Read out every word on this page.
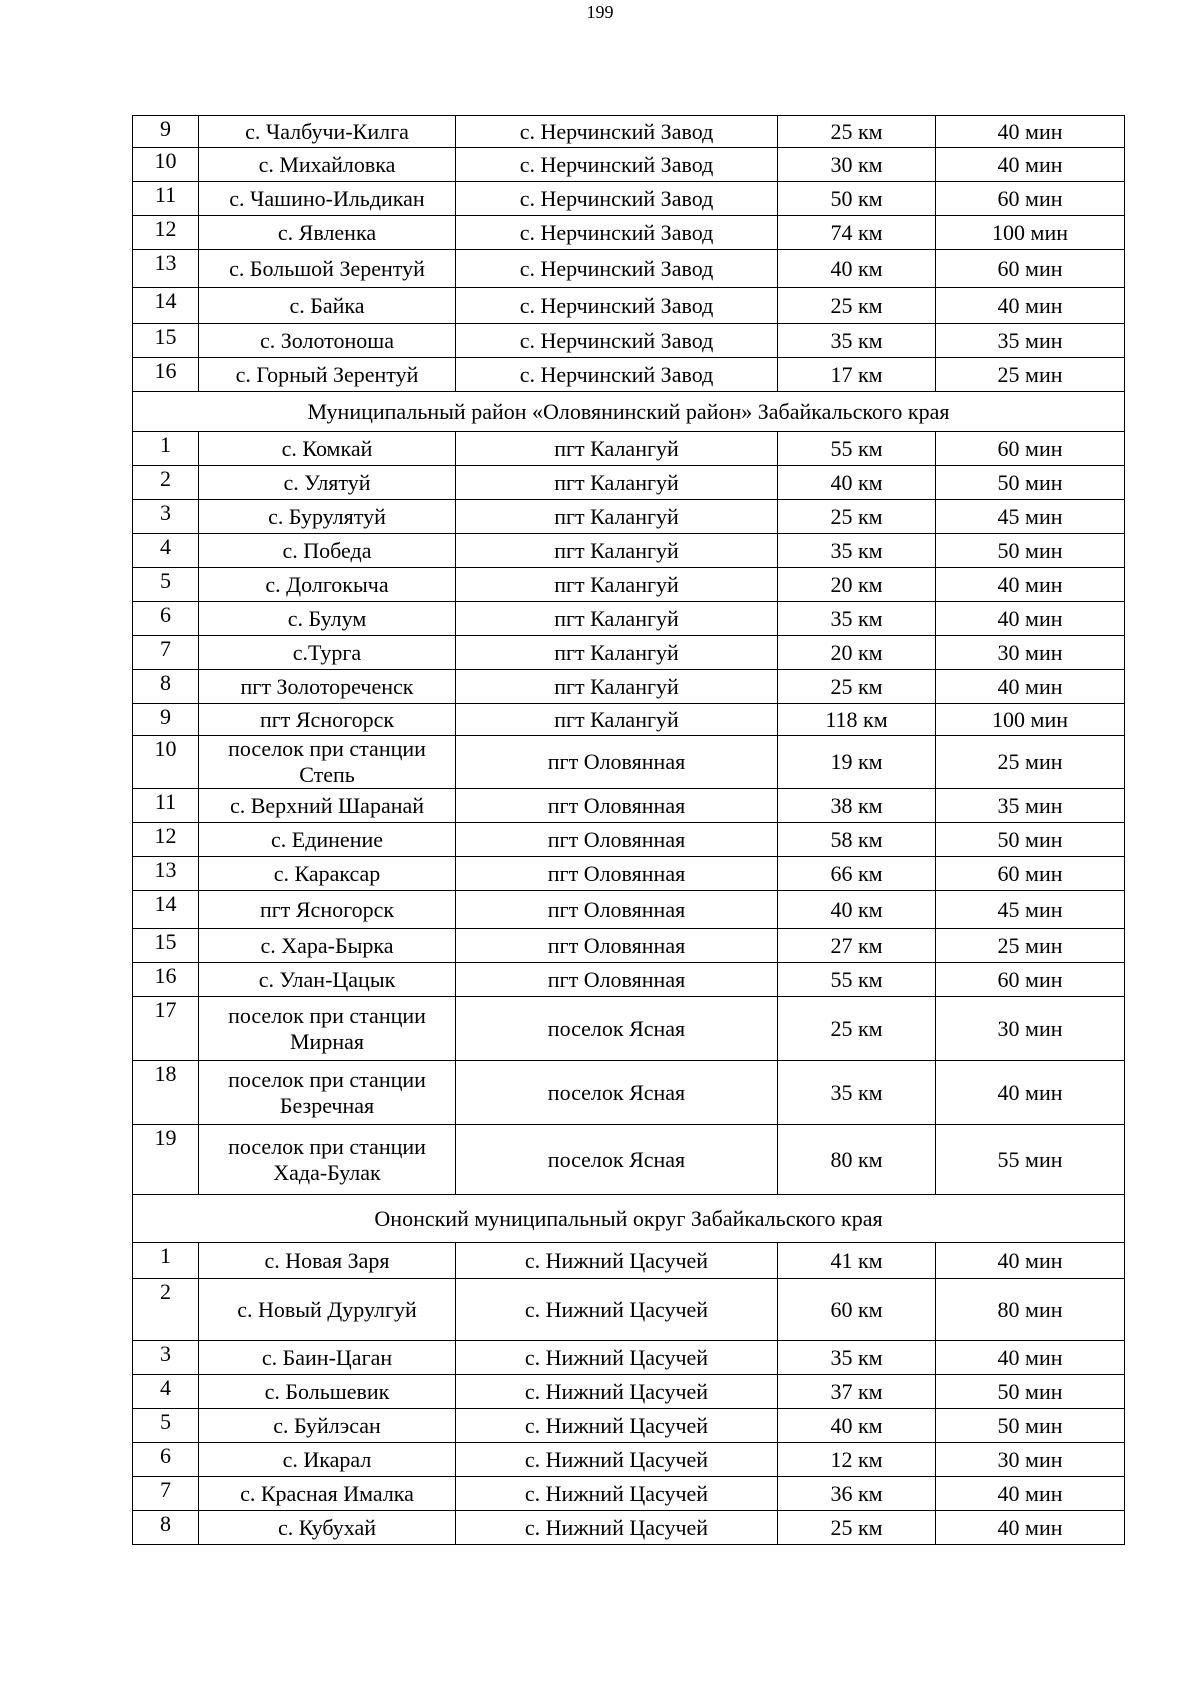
199
9	с. Чалбучи-Килга	с. Нерчинский Завод	25 км	40 мин
10	с. Михайловка	с. Нерчинский Завод	30 км	40 мин
11	с. Чашино-Ильдикан	с. Нерчинский Завод	50 км	60 мин
12	с. Явленка	с. Нерчинский Завод	74 км	100 мин
13	с. Большой Зерентуй	с. Нерчинский Завод	40 км	60 мин
14	с. Байка	с. Нерчинский Завод	25 км	40 мин
15	с. Золотоноша	с. Нерчинский Завод	35 км	35 мин
16	с. Горный Зерентуй	с. Нерчинский Завод	17 км	25 мин
Муниципальный район «Оловянинский район» Забайкальского края				
1	с. Комкай	пгт Калангуй	55 км	60 мин
2	с. Улятуй	пгт Калангуй	40 км	50 мин
3	с. Бурулятуй	пгт Калангуй	25 км	45 мин
4	с. Победа	пгт Калангуй	35 км	50 мин
5	с. Долгокыча	пгт Калангуй	20 км	40 мин
6	с. Булум	пгт Калангуй	35 км	40 мин
7	с.Турга	пгт Калангуй	20 км	30 мин
8	пгт Золотореченск	пгт Калангуй	25 км	40 мин
9	пгт Ясногорск	пгт Калангуй	118 км	100 мин
10	поселок при станции Степь	пгт Оловянная	19 км	25 мин
11	с. Верхний Шаранай	пгт Оловянная	38 км	35 мин
12	с. Единение	пгт Оловянная	58 км	50 мин
13	с. Караксар	пгт Оловянная	66 км	60 мин
14	пгт Ясногорск	пгт Оловянная	40 км	45 мин
15	с. Хара-Бырка	пгт Оловянная	27 км	25 мин
16	с. Улан-Цацык	пгт Оловянная	55 км	60 мин
17	поселок при станции Мирная	поселок Ясная	25 км	30 мин
18	поселок при станции Безречная	поселок Ясная	35 км	40 мин
19	поселок при станции Хада-Булак	поселок Ясная	80 км	55 мин
Ононский муниципальный округ Забайкальского края				
1	с. Новая Заря	с. Нижний Цасучей	41 км	40 мин
2	с. Новый Дурулгуй	с. Нижний Цасучей	60 км	80 мин
3	с. Баин-Цаган	с. Нижний Цасучей	35 км	40 мин
4	с. Большевик	с. Нижний Цасучей	37 км	50 мин
5	с. Буйлэсан	с. Нижний Цасучей	40 км	50 мин
6	с. Икарал	с. Нижний Цасучей	12 км	30 мин
7	с. Красная Ималка	с. Нижний Цасучей	36 км	40 мин
8	с. Кубухай	с. Нижний Цасучей	25 км	40 мин
